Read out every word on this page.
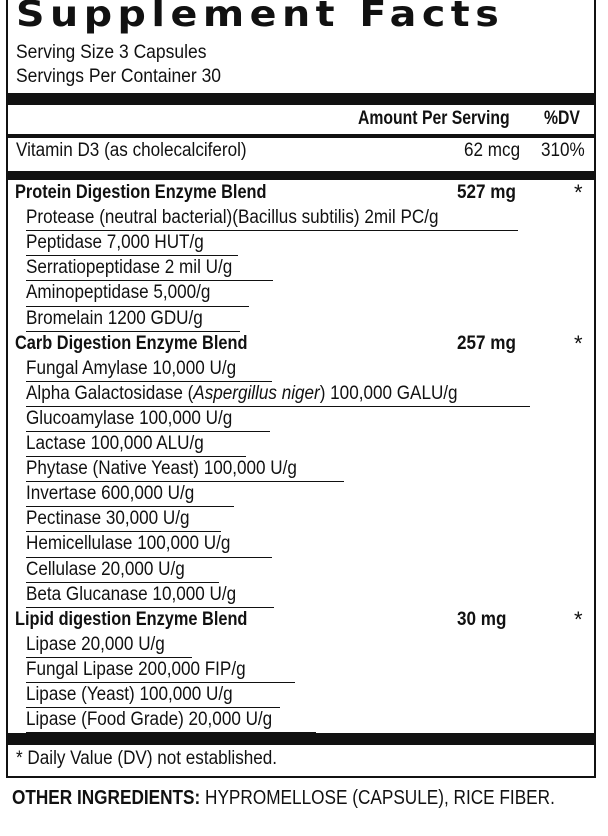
Supplement Facts
Serving Size 3 Capsules
Servings Per Container 30
Amount Per Serving %DV
Vitamin D3 (as cholecalciferol)	62 mcg 310%
Protein Digestion Enzyme Blend	527 mg	*
Protease (neutral bacterial)(Bacillus subtilis) 2mil PC/g
Peptidase 7,000 HUT/g
Serratiopeptidase 2 mil U/g
Aminopeptidase 5,000/g
Bromelain 1200 GDU/g
Carb Digestion Enzyme Blend	257 mg	*
Fungal Amylase 10,000 U/g
Alpha Galactosidase (Aspergillus niger) 100,000 GALU/g
Glucoamylase 100,000 U/g
Lactase 100,000 ALU/g
Phytase (Native Yeast) 100,000 U/g
Invertase 600,000 U/g
Pectinase 30,000 U/g
Hemicellulase 100,000 U/g
Cellulase 20,000 U/g
Beta Glucanase 10,000 U/g
Lipid digestion Enzyme Blend	30 mg	*
Lipase 20,000 U/g
Fungal Lipase 200,000 FIP/g
Lipase (Yeast) 100,000 U/g
Lipase (Food Grade) 20,000 U/g
* Daily Value (DV) not established.
OTHER INGREDIENTS: HYPROMELLOSE (CAPSULE), RICE FIBER.
